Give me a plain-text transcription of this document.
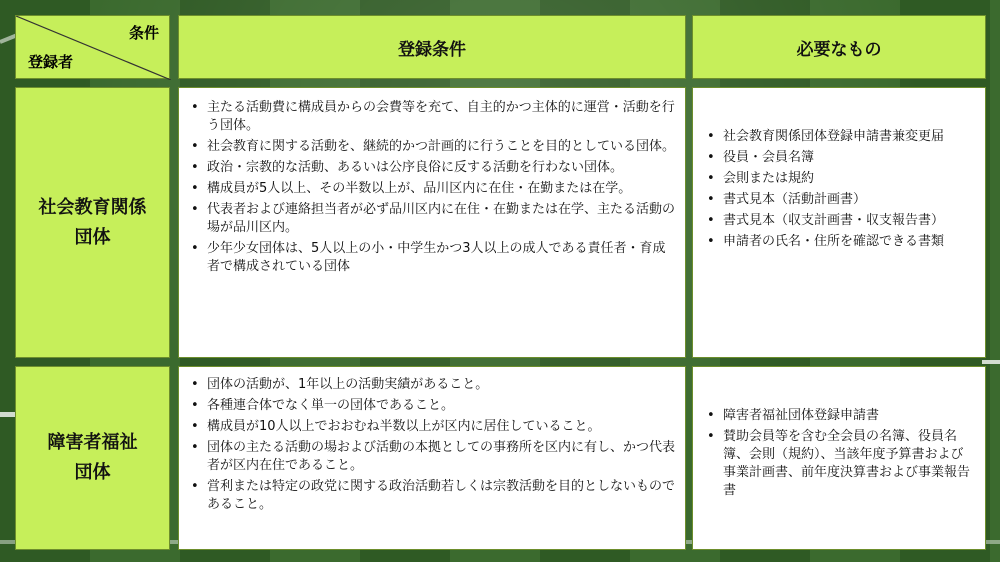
条件
登録者
登録条件	必要なもの
社会教育関係
団体
• 主たる活動費に構成員からの会費等を充て、自主的かつ主体的に運営・活動を行う団体。
• 社会教育に関する活動を、継続的かつ計画的に行うことを目的としている団体。
• 政治・宗教的な活動、あるいは公序良俗に反する活動を行わない団体。
• 構成員が5人以上、その半数以上が、品川区内に在住・在勤または在学。
• 代表者および連絡担当者が必ず品川区内に在住・在勤または在学、主たる活動の場が品川区内。
• 少年少女団体は、5人以上の小・中学生かつ3人以上の成人である責任者・育成者で構成されている団体
• 社会教育関係団体登録申請書兼変更届
• 役員・会員名簿
• 会則または規約
• 書式見本（活動計画書）
• 書式見本（収支計画書・収支報告書）
• 申請者の氏名・住所を確認できる書類
障害者福祉
団体
• 団体の活動が、1年以上の活動実績があること。
• 各種連合体でなく単一の団体であること。
• 構成員が10人以上でおおむね半数以上が区内に居住していること。
• 団体の主たる活動の場および活動の本拠としての事務所を区内に有し、かつ代表者が区内在住であること。
• 営利または特定の政党に関する政治活動若しくは宗教活動を目的としないものであること。
• 障害者福祉団体登録申請書
• 賛助会員等を含む全会員の名簿、役員名簿、会則（規約）、当該年度予算書および事業計画書、前年度決算書および事業報告書
